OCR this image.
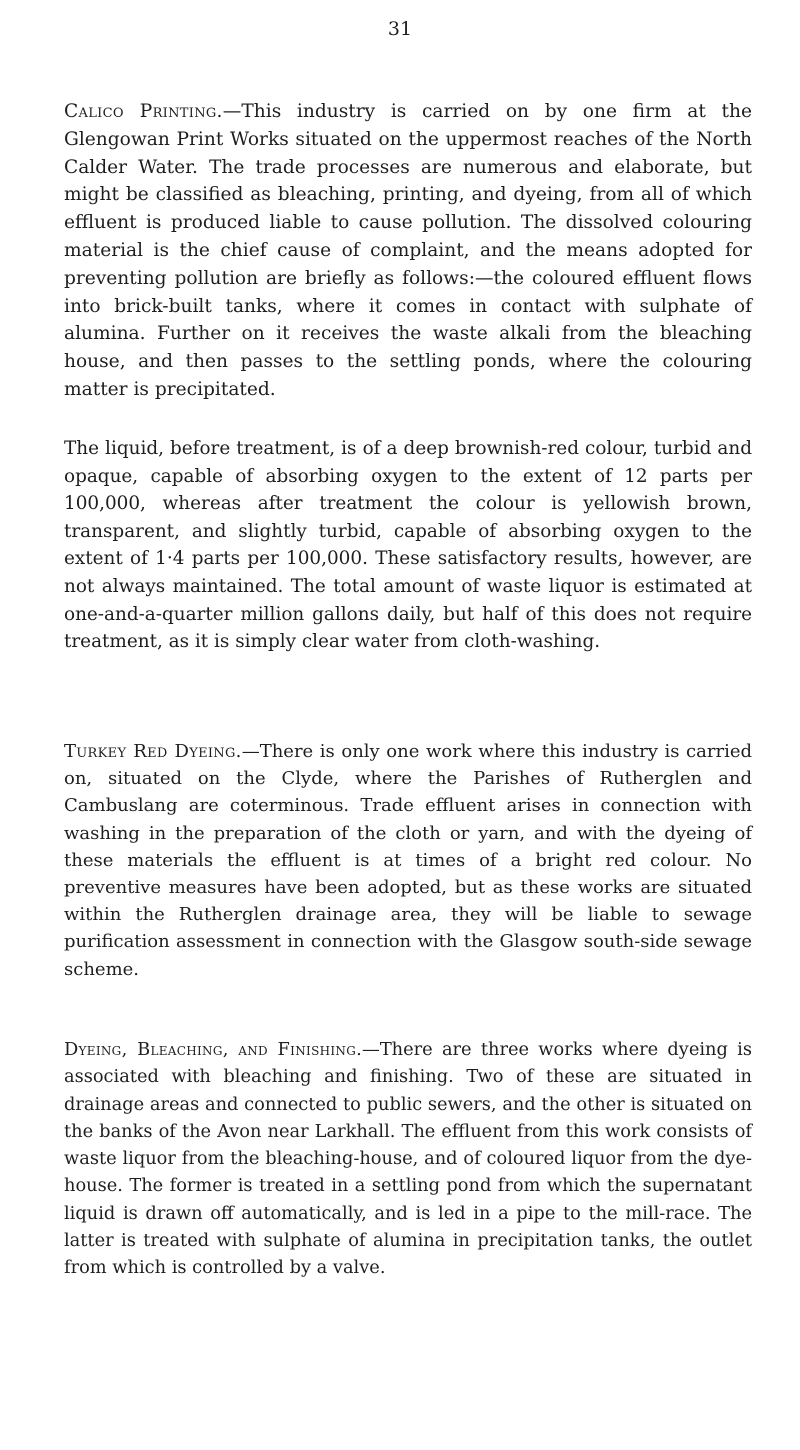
31

Calico Printing.—This industry is carried on by one firm at the Glengowan Print Works situated on the uppermost reaches of the North Calder Water. The trade processes are numerous and elaborate, but might be classified as bleaching, printing, and dyeing, from all of which effluent is produced liable to cause pollution. The dissolved colouring material is the chief cause of complaint, and the means adopted for preventing pollution are briefly as follows:—the coloured effluent flows into brick-built tanks, where it comes in contact with sulphate of alumina. Further on it receives the waste alkali from the bleaching house, and then passes to the settling ponds, where the colouring matter is precipitated.

The liquid, before treatment, is of a deep brownish-red colour, turbid and opaque, capable of absorbing oxygen to the extent of 12 parts per 100,000, whereas after treatment the colour is yellowish brown, transparent, and slightly turbid, capable of absorbing oxygen to the extent of 1·4 parts per 100,000. These satisfactory results, however, are not always maintained. The total amount of waste liquor is estimated at one-and-a-quarter million gallons daily, but half of this does not require treatment, as it is simply clear water from cloth-washing.

Turkey Red Dyeing.—There is only one work where this industry is carried on, situated on the Clyde, where the Parishes of Rutherglen and Cambuslang are coterminous. Trade effluent arises in connection with washing in the preparation of the cloth or yarn, and with the dyeing of these materials the effluent is at times of a bright red colour. No preventive measures have been adopted, but as these works are situated within the Rutherglen drainage area, they will be liable to sewage purification assessment in connection with the Glasgow south-side sewage scheme.

Dyeing, Bleaching, and Finishing.—There are three works where dyeing is associated with bleaching and finishing. Two of these are situated in drainage areas and connected to public sewers, and the other is situated on the banks of the Avon near Larkhall. The effluent from this work consists of waste liquor from the bleaching-house, and of coloured liquor from the dye-house. The former is treated in a settling pond from which the supernatant liquid is drawn off automatically, and is led in a pipe to the mill-race. The latter is treated with sulphate of alumina in precipitation tanks, the outlet from which is controlled by a valve.
